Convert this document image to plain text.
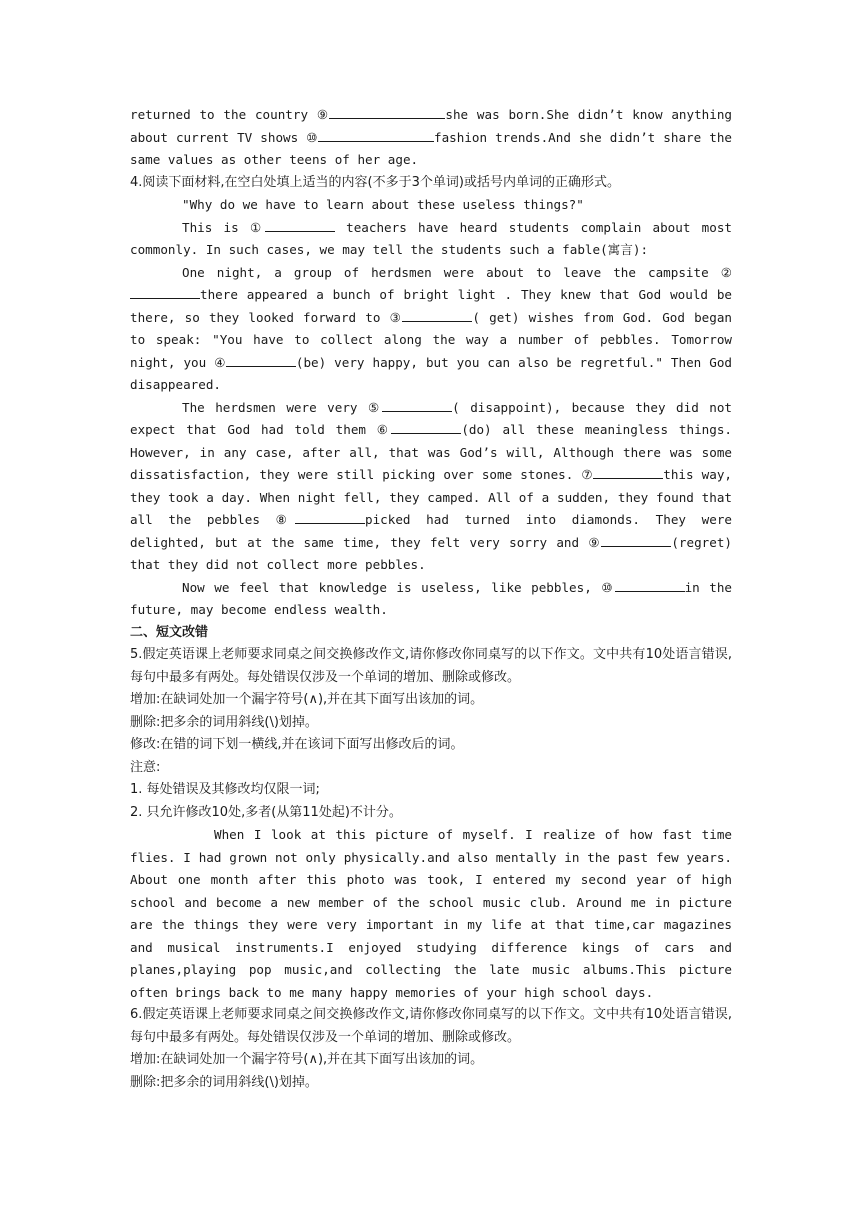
returned to the country ⑨	she was born.She didn’t know anything about current TV shows ⑩	fashion trends.And she didn’t share the same values as other teens of her age.

4.阅读下面材料,在空白处填上适当的内容(不多于3个单词)或括号内单词的正确形式。

"Why do we have to learn about these useless things?"

This is ①	teachers have heard students complain about most commonly. In such cases, we may tell the students such a fable(寓言):

One night, a group of herdsmen were about to leave the campsite ②there appeared a bunch of bright light . They knew that God would be there, so they looked forward to ③	( get) wishes from God. God began to speak: "You have to collect along the way a number of pebbles. Tomorrow night, you ④	(be) very happy, but you can also be regretful." Then God disappeared.

The herdsmen were very ⑤	( disappoint), because they did not expect that God had told them ⑥	(do) all these meaningless things. However, in any case, after all, that was God’s will, Although there was some dissatisfaction, they were still picking over some stones. ⑦	this way, they took a day. When night fell, they camped. All of a sudden, they found that all the pebbles ⑧	picked had turned into diamonds. They were delighted, but at the same time, they felt very sorry and ⑨	(regret) that they did not collect more pebbles.

Now we feel that knowledge is useless, like pebbles, ⑩	in the future, may become endless wealth.

二、短文改错

5.假定英语课上老师要求同桌之间交换修改作文,请你修改你同桌写的以下作文。文中共有10处语言错误,每句中最多有两处。每处错误仅涉及一个单词的增加、删除或修改。

增加:在缺词处加一个漏字符号(∧),并在其下面写出该加的词。

删除:把多余的词用斜线(\)划掉。

修改:在错的词下划一横线,并在该词下面写出修改后的词。

注意:

1. 每处错误及其修改均仅限一词;

2. 只允许修改10处,多者(从第11处起)不计分。

When I look at this picture of myself. I realize of how fast time flies. I had grown not only physically.and also mentally in the past few years. About one month after this photo was took, I entered my second year of high school and become a new member of the school music club. Around me in picture are the things they were very important in my life at that time,car magazines and musical instruments.I enjoyed studying difference kings of cars and planes,playing pop music,and collecting the late music albums.This picture often brings back to me many happy memories of your high school days.

6.假定英语课上老师要求同桌之间交换修改作文,请你修改你同桌写的以下作文。文中共有10处语言错误,每句中最多有两处。每处错误仅涉及一个单词的增加、删除或修改。

增加:在缺词处加一个漏字符号(∧),并在其下面写出该加的词。

删除:把多余的词用斜线(\)划掉。
